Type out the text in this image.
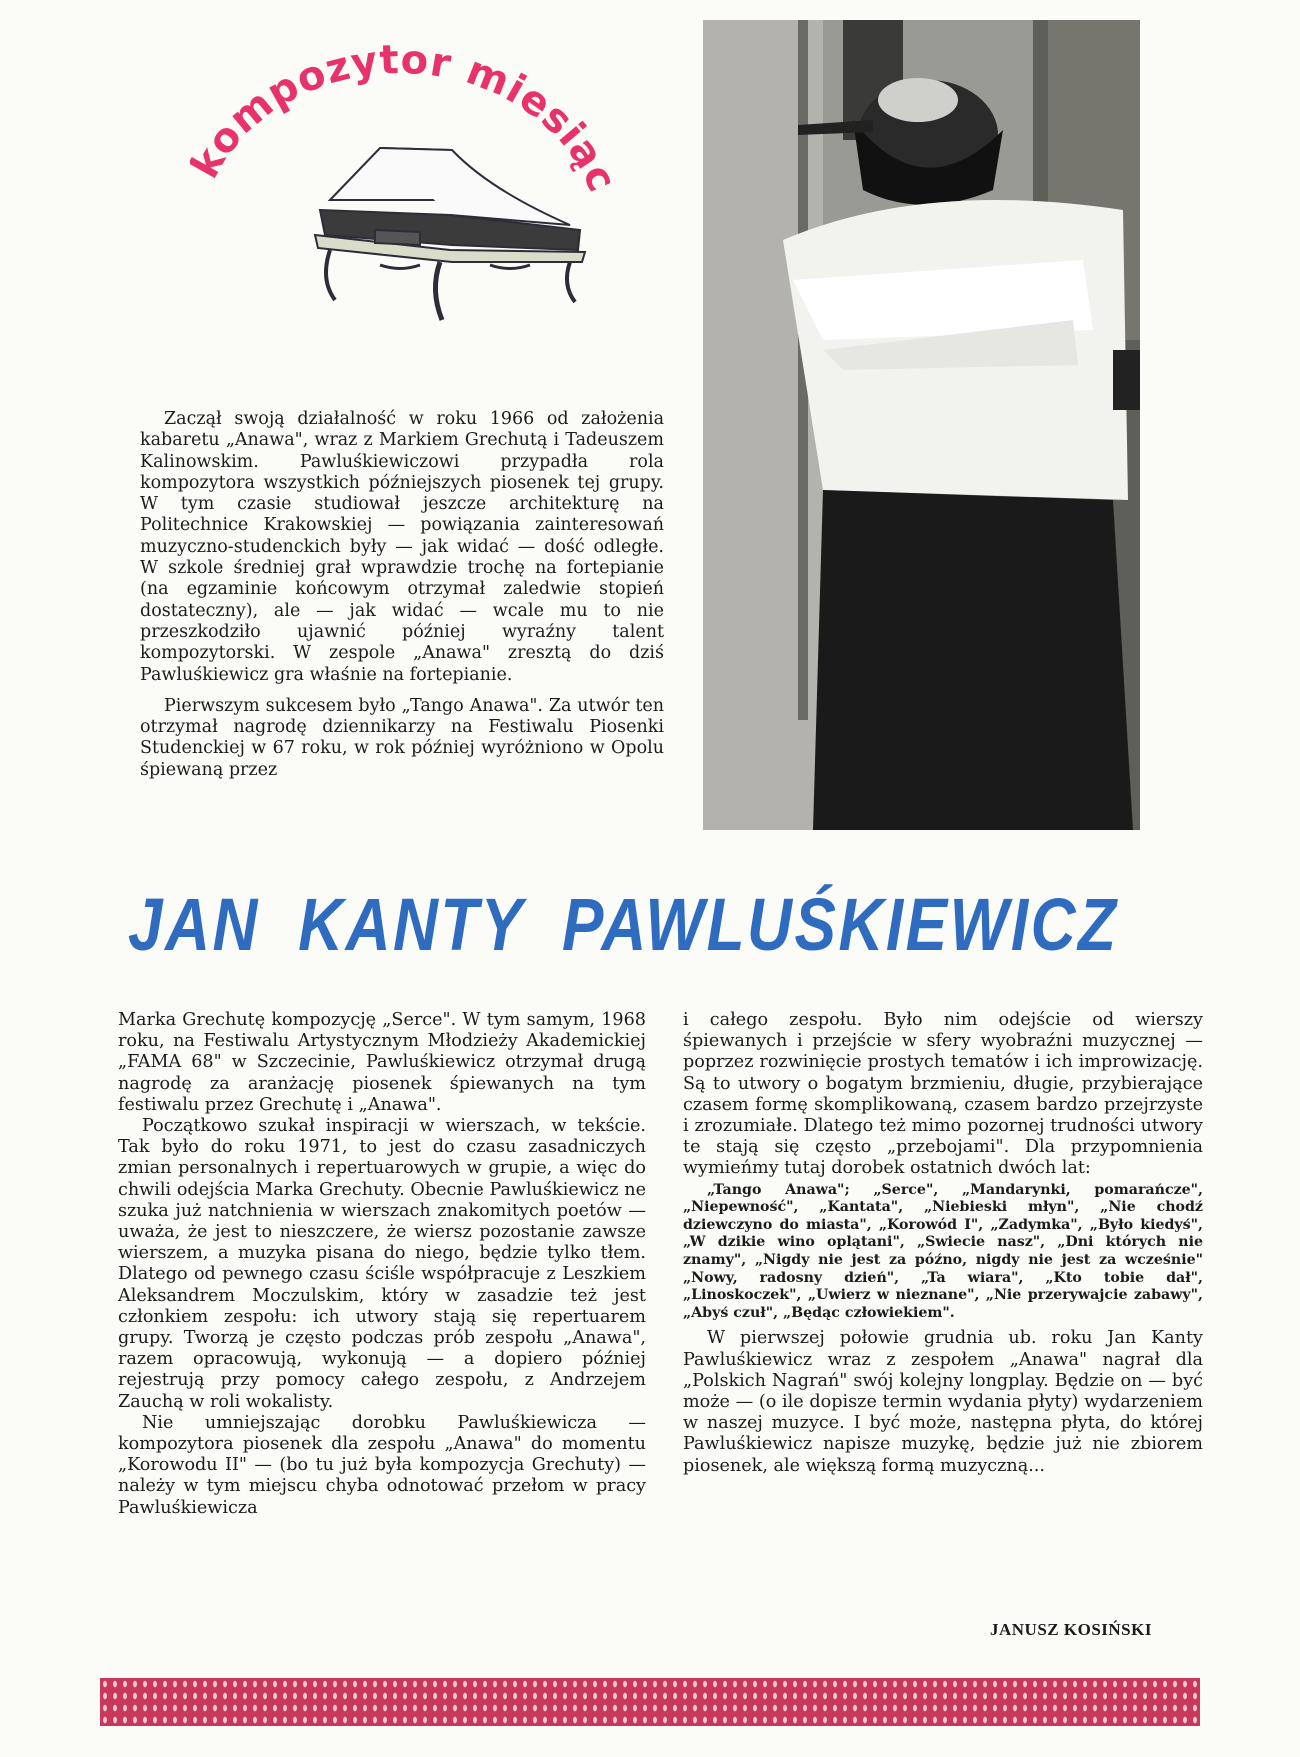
ompozytor miesią

Zaczął swoją działalność w roku 1966 od założenia kabaretu „Anawa", wraz z Markiem Grechutą i Tadeuszem Kalinowskim. Pawluśkiewiczowi przypadła rola kompozytora wszystkich późniejszych piosenek tej grupy. W tym czasie studiował jeszcze architekturę na Politechnice Krakowskiej — powiązania zainteresowań muzyczno-studenckich były — jak widać — dość odległe. W szkole średniej grał wprawdzie trochę na fortepianie (na egzaminie końcowym otrzymał zaledwie stopień dostateczny), ale — jak widać — wcale mu to nie przeszkodziło ujawnić później wyraźny talent kompozytorski. W zespole „Anawa" zresztą do dziś Pawluśkiewicz gra właśnie na fortepianie.

Pierwszym sukcesem było „Tango Anawa". Za utwór ten otrzymał nagrodę dziennikarzy na Festiwalu Piosenki Studenckiej w 67 roku, w rok później wyróżniono w Opolu śpiewaną przez

JAN KANTY PAWLUŚKIEWICZ

Marka Grechutę kompozycję „Serce". W tym samym, 1968 roku, na Festiwalu Artystycznym Młodzieży Akademickiej „FAMA 68" w Szczecinie, Pawluśkiewicz otrzymał drugą nagrodę za aranżację piosenek śpiewanych na tym festiwalu przez Grechutę i „Anawa".

Początkowo szukał inspiracji w wierszach, w tekście. Tak było do roku 1971, to jest do czasu zasadniczych zmian personalnych i repertuarowych w grupie, a więc do chwili odejścia Marka Grechuty. Obecnie Pawluśkiewicz ne szuka już natchnienia w wierszach znakomitych poetów — uważa, że jest to nieszczere, że wiersz pozostanie zawsze wierszem, a muzyka pisana do niego, będzie tylko tłem. Dlatego od pewnego czasu ściśle współpracuje z Leszkiem Aleksandrem Moczulskim, który w zasadzie też jest członkiem zespołu: ich utwory stają się repertuarem grupy. Tworzą je często podczas prób zespołu „Anawa", razem opracowują, wykonują — a dopiero później rejestrują przy pomocy całego zespołu, z Andrzejem Zauchą w roli wokalisty.

Nie umniejszając dorobku Pawluśkiewicza — kompozytora piosenek dla zespołu „Anawa" do momentu „Korowodu II" — (bo tu już była kompozycja Grechuty) — należy w tym miejscu chyba odnotować przełom w pracy Pawluśkiewicza

i całego zespołu. Było nim odejście od wierszy śpiewanych i przejście w sfery wyobraźni muzycznej — poprzez rozwinięcie prostych tematów i ich improwizację. Są to utwory o bogatym brzmieniu, długie, przybierające czasem formę skomplikowaną, czasem bardzo przejrzyste i zrozumiałe. Dlatego też mimo pozornej trudności utwory te stają się często „przebojami". Dla przypomnienia wymieńmy tutaj dorobek ostatnich dwóch lat:

„Tango Anawa"; „Serce", „Mandarynki, pomarańcze", „Niepewność", „Kantata", „Niebieski młyn", „Nie chodź dziewczyno do miasta", „Korowód I", „Zadymka", „Było kiedyś", „W dzikie wino oplątani", „Swiecie nasz", „Dni których nie znamy", „Nigdy nie jest za późno, nigdy nie jest za wcześnie" „Nowy, radosny dzień", „Ta wiara", „Kto tobie dał", „Linoskoczek", „Uwierz w nieznane", „Nie przerywajcie zabawy", „Abyś czuł", „Będąc człowiekiem".

W pierwszej połowie grudnia ub. roku Jan Kanty Pawluśkiewicz wraz z zespołem „Anawa" nagrał dla „Polskich Nagrań" swój kolejny longplay. Będzie on — być może — (o ile dopisze termin wydania płyty) wydarzeniem w naszej muzyce. I być może, następna płyta, do której Pawluśkiewicz napisze muzykę, będzie już nie zbiorem piosenek, ale większą formą muzyczną...

JANUSZ KOSIŃSKI
